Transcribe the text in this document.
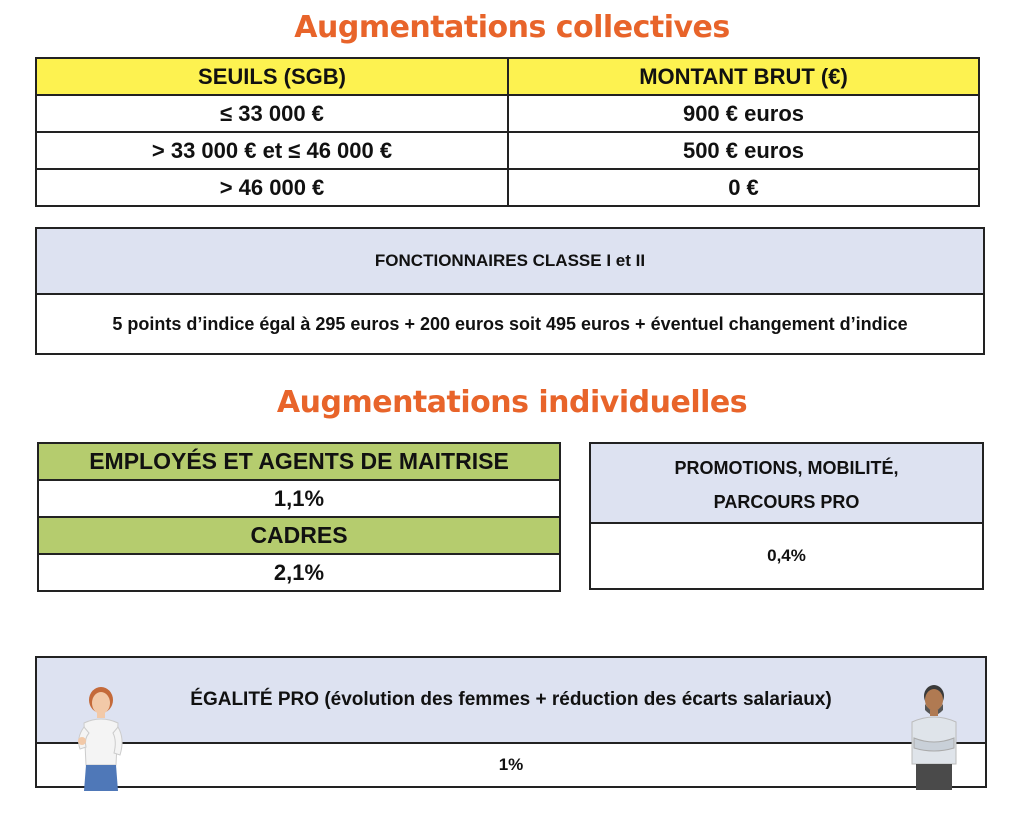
Augmentations collectives
SEUILS (SGB)	MONTANT BRUT (€)
≤ 33 000 €	900 € euros
> 33 000 € et ≤ 46 000 €	500 € euros
> 46 000 €	0 €
FONCTIONNAIRES CLASSE I et II
5 points d’indice égal à 295 euros + 200 euros soit 495 euros + éventuel changement d’indice
Augmentations individuelles
EMPLOYÉS ET AGENTS DE MAITRISE
1,1%
CADRES
2,1%
PROMOTIONS, MOBILITÉ,
PARCOURS PRO
0,4%
ÉGALITÉ PRO (évolution des femmes + réduction des écarts salariaux)
1%
